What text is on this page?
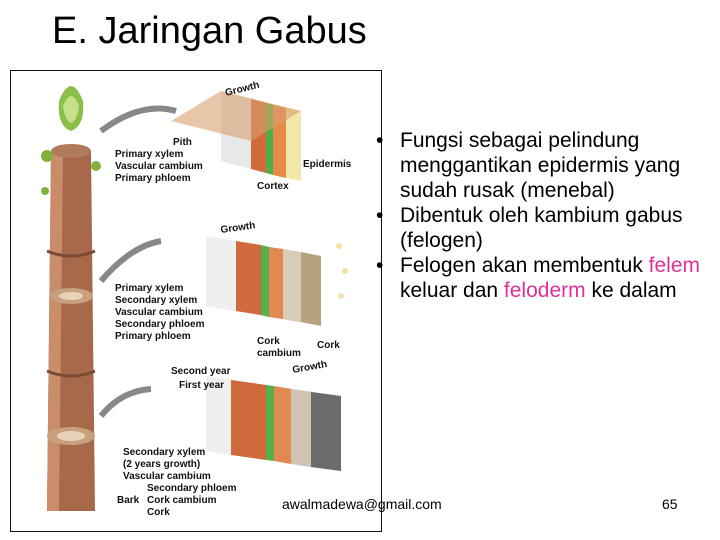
E. Jaringan Gabus
Growth
Growth
Growth
Pith
Primary xylem
Vascular cambium
Primary phloem
Epidermis
Cortex
Primary xylem
Secondary xylem
Vascular cambium
Secondary phloem
Primary phloem	Cork
cambium
Cork
Second year
First year
Secondary xylem
(2 years growth)
Vascular cambium
Secondary phloem
Bark Cork cambium
Cork
• Fungsi sebagai pelindung menggantikan epidermis yang sudah rusak (menebal)
• Dibentuk oleh kambium gabus (felogen)
• Felogen akan membentuk felem keluar dan feloderm ke dalam
awalmadewa@gmail.com	65
